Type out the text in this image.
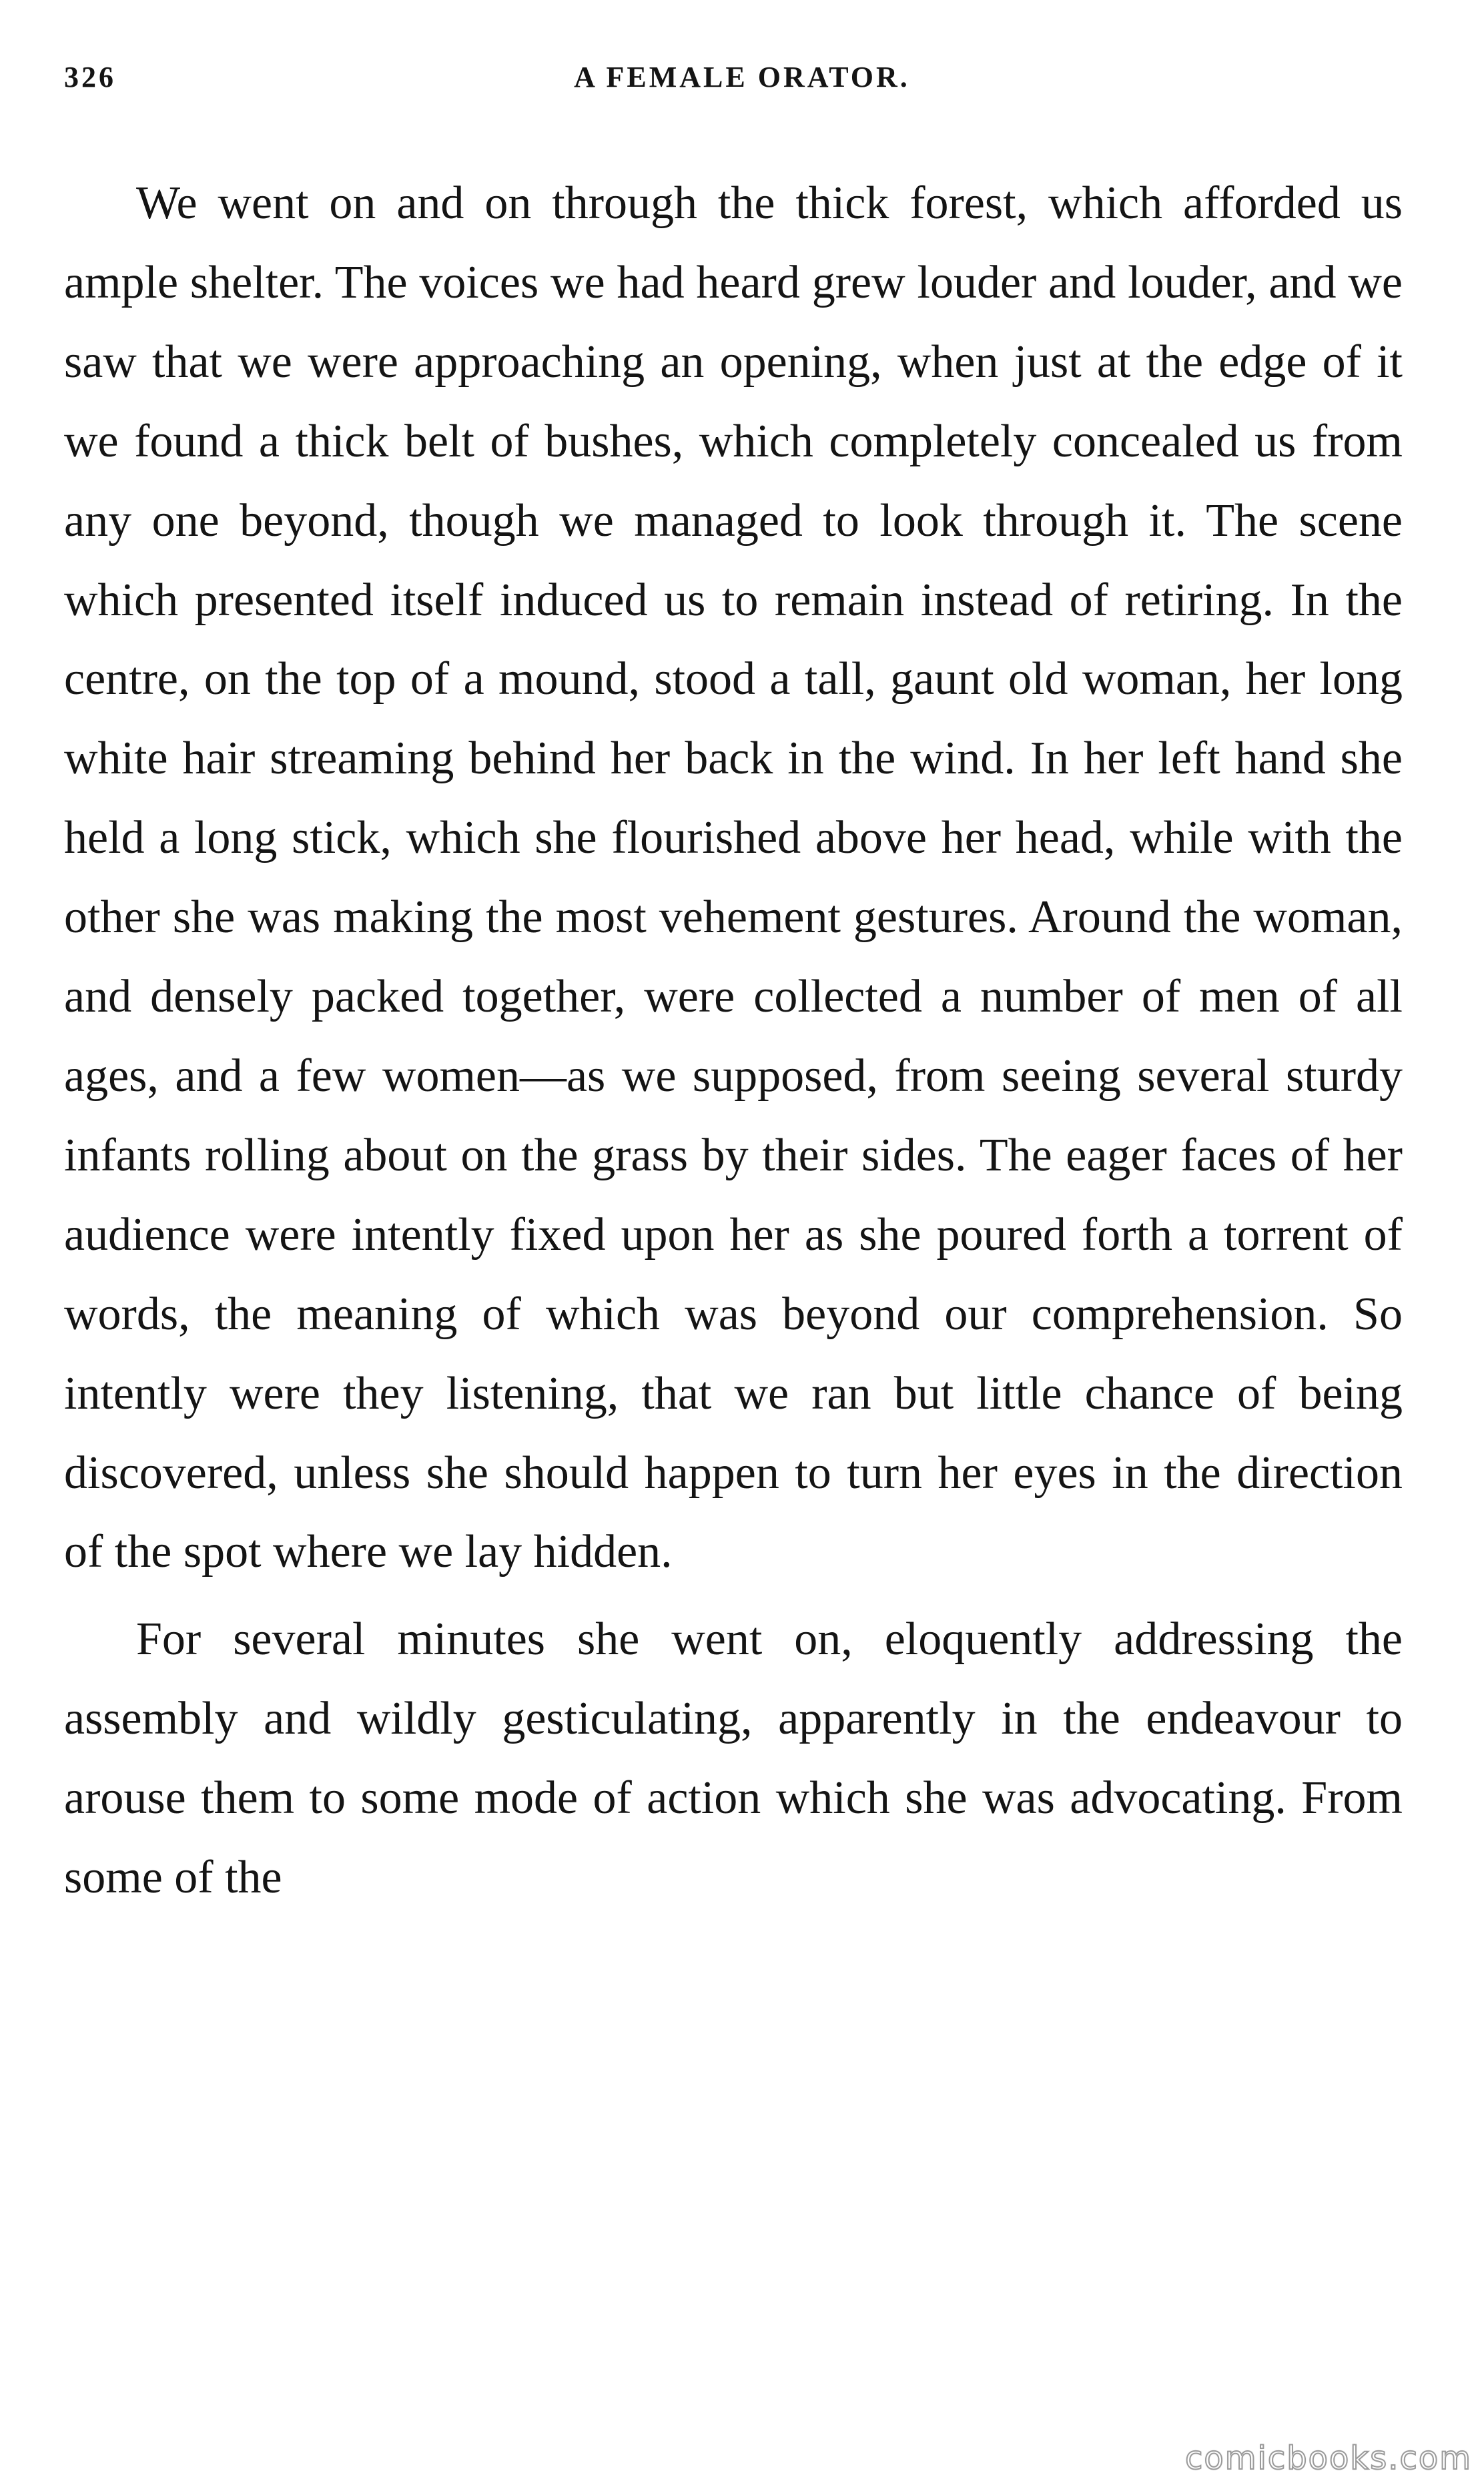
326	A FEMALE ORATOR.

We went on and on through the thick forest, which afforded us ample shelter. The voices we had heard grew louder and louder, and we saw that we were approaching an opening, when just at the edge of it we found a thick belt of bushes, which completely concealed us from any one beyond, though we managed to look through it. The scene which presented itself induced us to remain instead of retiring. In the centre, on the top of a mound, stood a tall, gaunt old woman, her long white hair streaming behind her back in the wind. In her left hand she held a long stick, which she flourished above her head, while with the other she was making the most vehement gestures. Around the woman, and densely packed together, were collected a number of men of all ages, and a few women—as we supposed, from seeing several sturdy infants rolling about on the grass by their sides. The eager faces of her audience were intently fixed upon her as she poured forth a torrent of words, the meaning of which was beyond our comprehension. So intently were they listening, that we ran but little chance of being discovered, unless she should happen to turn her eyes in the direction of the spot where we lay hidden.

For several minutes she went on, eloquently addressing the assembly and wildly gesticulating, apparently in the endeavour to arouse them to some mode of action which she was advocating. From some of the

comicbooks.com
